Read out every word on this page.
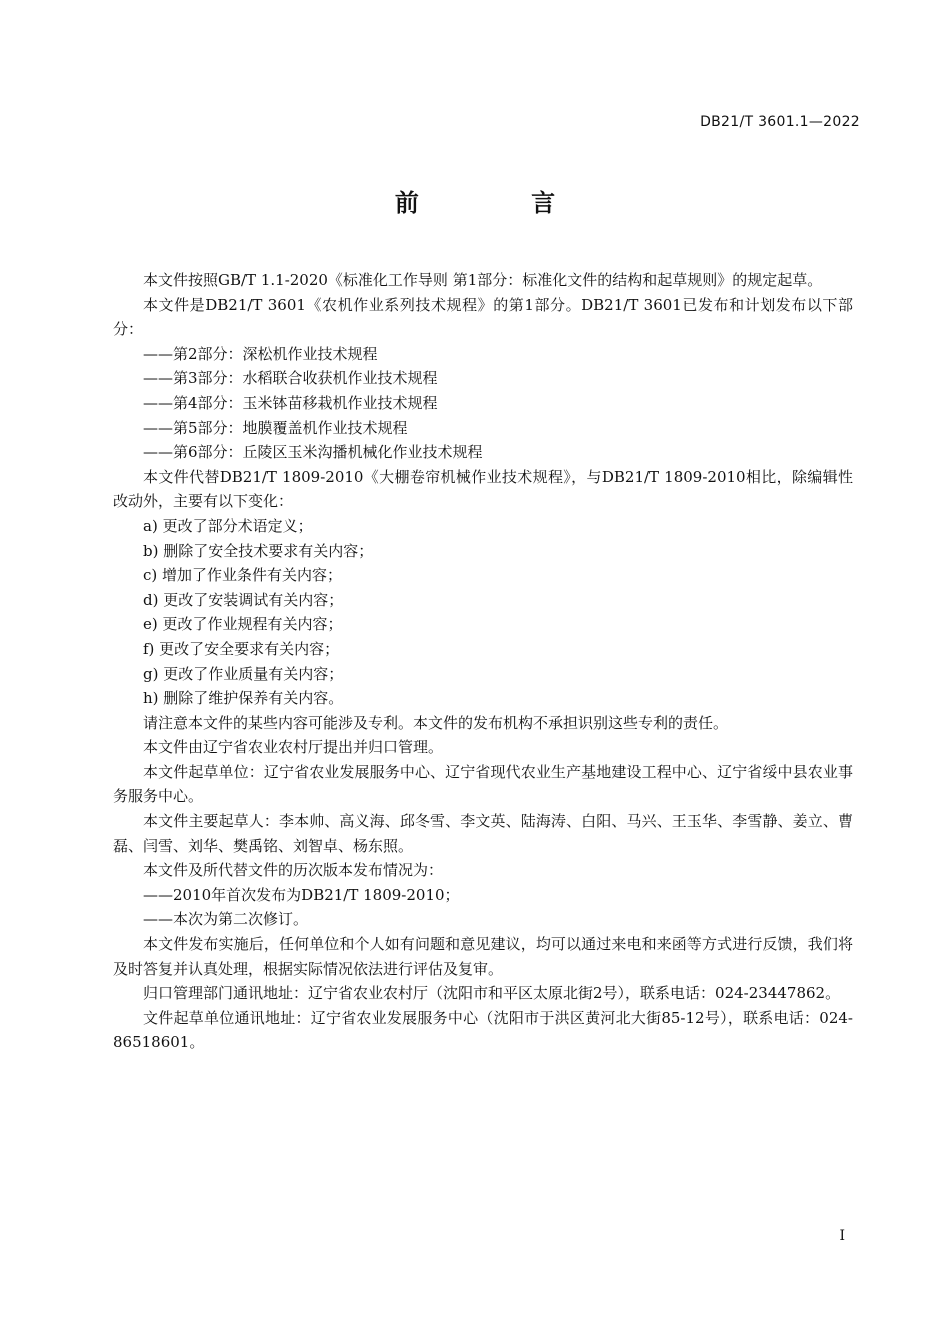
DB21/T 3601.1—2022
前 言

本文件按照GB/T 1.1-2020《标准化工作导则 第1部分：标准化文件的结构和起草规则》的规定起草。

本文件是DB21/T 3601《农机作业系列技术规程》的第1部分。DB21/T 3601已发布和计划发布以下部分：

——第2部分：深松机作业技术规程

——第3部分：水稻联合收获机作业技术规程

——第4部分：玉米钵苗移栽机作业技术规程

——第5部分：地膜覆盖机作业技术规程

——第6部分：丘陵区玉米沟播机械化作业技术规程

本文件代替DB21/T 1809-2010《大棚卷帘机械作业技术规程》，与DB21/T 1809-2010相比，除编辑性改动外，主要有以下变化：

a) 更改了部分术语定义；

b) 删除了安全技术要求有关内容；

c) 增加了作业条件有关内容；

d) 更改了安装调试有关内容；

e) 更改了作业规程有关内容；

f) 更改了安全要求有关内容；

g) 更改了作业质量有关内容；

h) 删除了维护保养有关内容。

请注意本文件的某些内容可能涉及专利。本文件的发布机构不承担识别这些专利的责任。

本文件由辽宁省农业农村厅提出并归口管理。

本文件起草单位：辽宁省农业发展服务中心、辽宁省现代农业生产基地建设工程中心、辽宁省绥中县农业事务服务中心。

本文件主要起草人：李本帅、高义海、邱冬雪、李文英、陆海涛、白阳、马兴、王玉华、李雪静、姜立、曹磊、闫雪、刘华、樊禹铭、刘智卓、杨东照。

本文件及所代替文件的历次版本发布情况为：

——2010年首次发布为DB21/T 1809-2010；

——本次为第二次修订。

本文件发布实施后，任何单位和个人如有问题和意见建议，均可以通过来电和来函等方式进行反馈，我们将及时答复并认真处理，根据实际情况依法进行评估及复审。

归口管理部门通讯地址：辽宁省农业农村厅（沈阳市和平区太原北街2号），联系电话：024-23447862。

文件起草单位通讯地址：辽宁省农业发展服务中心（沈阳市于洪区黄河北大街85-12号），联系电话：024-86518601。

I
